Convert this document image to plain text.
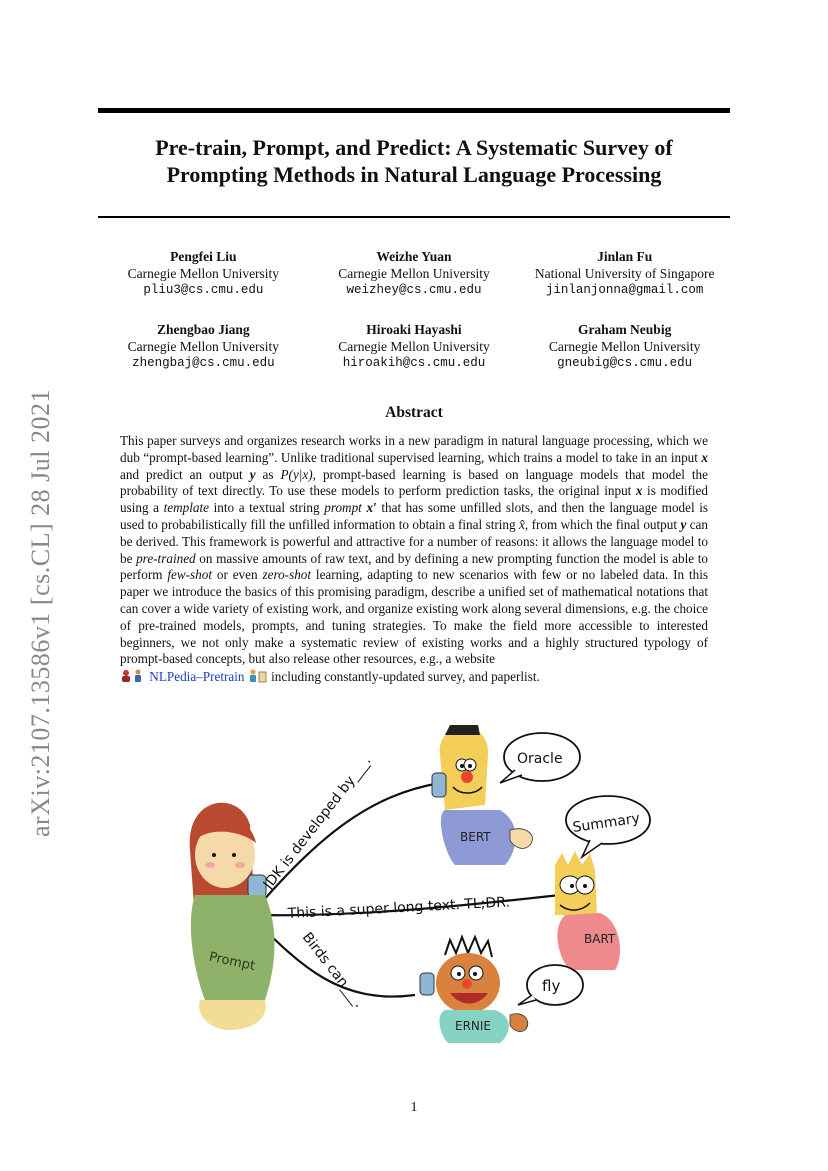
arXiv:2107.13586v1 [cs.CL] 28 Jul 2021
Pre-train, Prompt, and Predict: A Systematic Survey of
Prompting Methods in Natural Language Processing
Pengfei Liu
Carnegie Mellon University
pliu3@cs.cmu.edu
Weizhe Yuan
Carnegie Mellon University
weizhey@cs.cmu.edu
Jinlan Fu
National University of Singapore
jinlanjonna@gmail.com
Zhengbao Jiang
Carnegie Mellon University
zhengbaj@cs.cmu.edu
Hiroaki Hayashi
Carnegie Mellon University
hiroakih@cs.cmu.edu
Graham Neubig
Carnegie Mellon University
gneubig@cs.cmu.edu
Abstract

This paper surveys and organizes research works in a new paradigm in natural language processing, which we dub “prompt-based learning”. Unlike traditional supervised learning, which trains a model to take in an input x and predict an output y as P(y|x), prompt-based learning is based on language models that model the probability of text directly. To use these models to perform prediction tasks, the original input x is modified using a template into a textual string prompt x′ that has some unfilled slots, and then the language model is used to probabilistically fill the unfilled information to obtain a final string x̂, from which the final output y can be derived. This framework is powerful and attractive for a number of reasons: it allows the language model to be pre-trained on massive amounts of raw text, and by defining a new prompting function the model is able to perform few-shot or even zero-shot learning, adapting to new scenarios with few or no labeled data. In this paper we introduce the basics of this promising paradigm, describe a unified set of mathematical notations that can cover a wide variety of existing work, and organize existing work along several dimensions, e.g. the choice of pre-trained models, prompts, and tuning strategies. To make the field more accessible to interested beginners, we not only make a systematic review of existing works and a highly structured typology of prompt-based concepts, but also release other resources, e.g., a website
NLPedia–Pretrain  including constantly-updated survey, and paperlist.

Prompt
BERT
Oracle
BART
Summary
ERNIE
fly
JDK is developed by___.
This is a super long text. TL;DR:
Birds can___.
1
